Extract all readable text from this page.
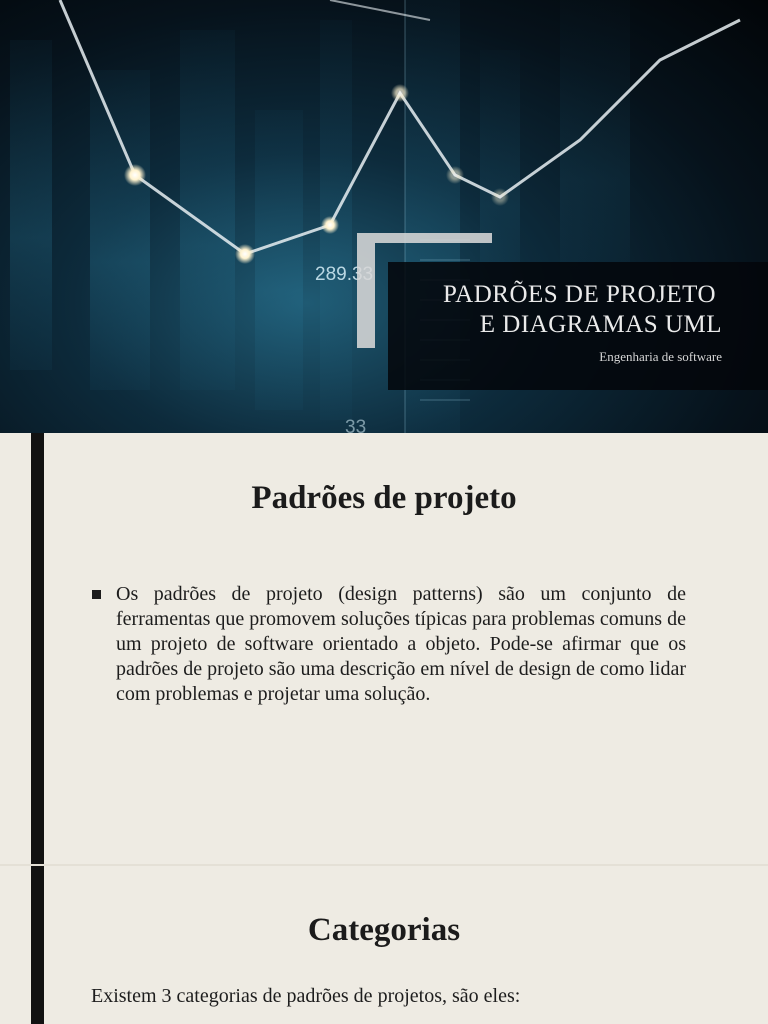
289.33
33
PADRÕES DE PROJETO
E DIAGRAMAS UML
Engenharia de software
Padrões de projeto

Os padrões de projeto (design patterns) são um conjunto de ferramentas que promovem soluções típicas para problemas comuns de um projeto de software orientado a objeto. Pode-se afirmar que os padrões de projeto são uma descrição em nível de design de como lidar com problemas e projetar uma solução.

Categorias

Existem 3 categorias de padrões de projetos, são eles:
